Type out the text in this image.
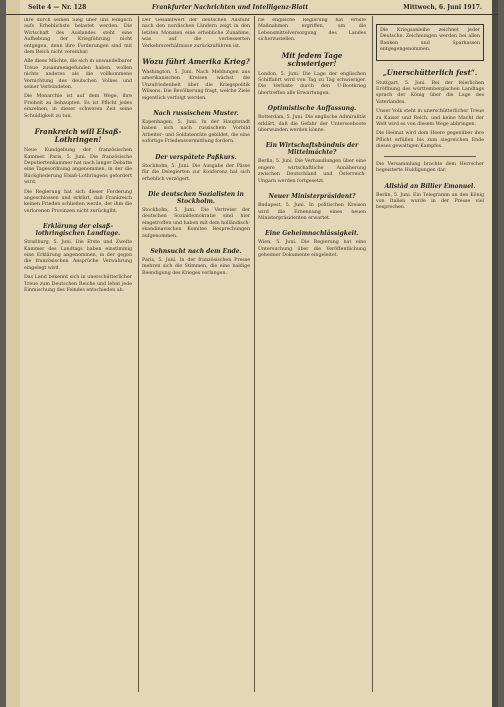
Seite 4 — Nr. 128	Frankfurter Nachrichten und Intelligenz-Blatt	Mittwoch, 6. Juni 1917.

ihre durch seinen Sieg über uns lediglich aufs Erheblichste belastet werden. Die Wirtschaft des Auslandes steht eine Aufhebung der Kriegführung nicht entgegen, denn ihre Forderungen sind mit dem Reich nicht vereinbar.

Alle diese Mächte, die sich in unwandelbarer Treue zusammengefunden haben, wollen nichts anderes als die vollkommene Vernichtung des deutschen Volkes und seiner Verbündeten.

Die Monarchie ist auf dem Wege, ihre Freiheit zu behaupten. Es ist Pflicht jedes einzelnen, in dieser schweren Zeit seine Schuldigkeit zu tun.

Frankreich will Elsaß-Lothringen!

Neue Kundgebung der französischen Kammer. Paris, 5. Juni. Die französische Deputiertenkammer hat nach langer Debatte eine Tagesordnung angenommen, in der die Rückgliederung Elsaß-Lothringens gefordert wird.

Die Regierung hat sich dieser Forderung angeschlossen und erklärt, daß Frankreich keinen Frieden schließen werde, der ihm die verlorenen Provinzen nicht zurückgibt.

Erklärung der elsaß-lothringischen Landtage.

Straßburg, 5. Juni. Die Erste und Zweite Kammer des Landtags haben einstimmig eine Erklärung angenommen, in der gegen die französischen Ansprüche Verwahrung eingelegt wird.

Das Land bekennt sich in unerschütterlicher Treue zum Deutschen Reiche und lehnt jede Einmischung des Feindes entschieden ab.

Der Gesamtwert der deutschen Ausfuhr nach den nordischen Ländern zeigt in den letzten Monaten eine erhebliche Zunahme, was auf die verbesserten Verkehrsverhältnisse zurückzuführen ist.

Wozu führt Amerika Krieg?

Washington, 5. Juni. Nach Meldungen aus amerikanischen Kreisen wächst die Unzufriedenheit über die Kriegspolitik Wilsons. Die Bevölkerung fragt, welche Ziele eigentlich verfolgt werden.

Nach russischem Muster.

Kopenhagen, 5. Juni. In der Hauptstadt haben sich nach russischem Vorbild Arbeiter- und Soldatenräte gebildet, die eine sofortige Friedensvermittlung fordern.

Der verspätete Paßkurs.

Stockholm, 5. Juni. Die Ausgabe der Pässe für die Delegierten zur Konferenz hat sich erheblich verzögert.

Die deutschen Sozialisten in Stockholm.

Stockholm, 5. Juni. Die Vertreter der deutschen Sozialdemokratie sind hier eingetroffen und haben mit dem holländisch-skandinavischen Komitee Besprechungen aufgenommen.

Sehnsucht nach dem Ende.

Paris, 5. Juni. In der französischen Presse mehren sich die Stimmen, die eine baldige Beendigung des Krieges verlangen.

rie englische Regierung hat ernste Maßnahmen ergriffen, um die Lebensmittelversorgung des Landes sicherzustellen.

Mit jedem Tage schwieriger!

London, 5. Juni. Die Lage der englischen Schiffahrt wird von Tag zu Tag schwieriger. Die Verluste durch den U-Bootkrieg übertreffen alle Erwartungen.

Optimistische Auffassung.

Rotterdam, 5. Juni. Die englische Admiralität erklärt, daß die Gefahr der Unterseeboote überwunden werden könne.

Ein Wirtschaftsbündnis der Mittelmächte?

Berlin, 5. Juni. Die Verhandlungen über eine engere wirtschaftliche Annäherung zwischen Deutschland und Österreich-Ungarn werden fortgesetzt.

Neuer Ministerpräsident?

Budapest, 5. Juni. In politischen Kreisen wird die Ernennung eines neuen Ministerpräsidenten erwartet.

Eine Geheimnachlässigkeit.

Wien, 5. Juni. Die Regierung hat eine Untersuchung über die Veröffentlichung geheimer Dokumente eingeleitet.

Die Kriegsanleihe zeichnet jeder Deutsche. Zeichnungen werden bei allen Banken und Sparkassen entgegengenommen.

„Unerschütterlich fest“.

Stuttgart, 5. Juni. Bei der feierlichen Eröffnung des württembergischen Landtags sprach der König über die Lage des Vaterlandes.

Unser Volk steht in unerschütterlicher Treue zu Kaiser und Reich, und keine Macht der Welt wird es von diesem Wege abbringen.

Die Heimat wird dem Heere gegenüber ihre Pflicht erfüllen bis zum siegreichen Ende dieses gewaltigen Kampfes.

Die Versammlung brachte dem Herrscher begeisterte Huldigungen dar.

Allstäd an Billier Emanuel.

Berlin, 5. Juni. Ein Telegramm an den König von Italien wurde in der Presse viel besprochen.
